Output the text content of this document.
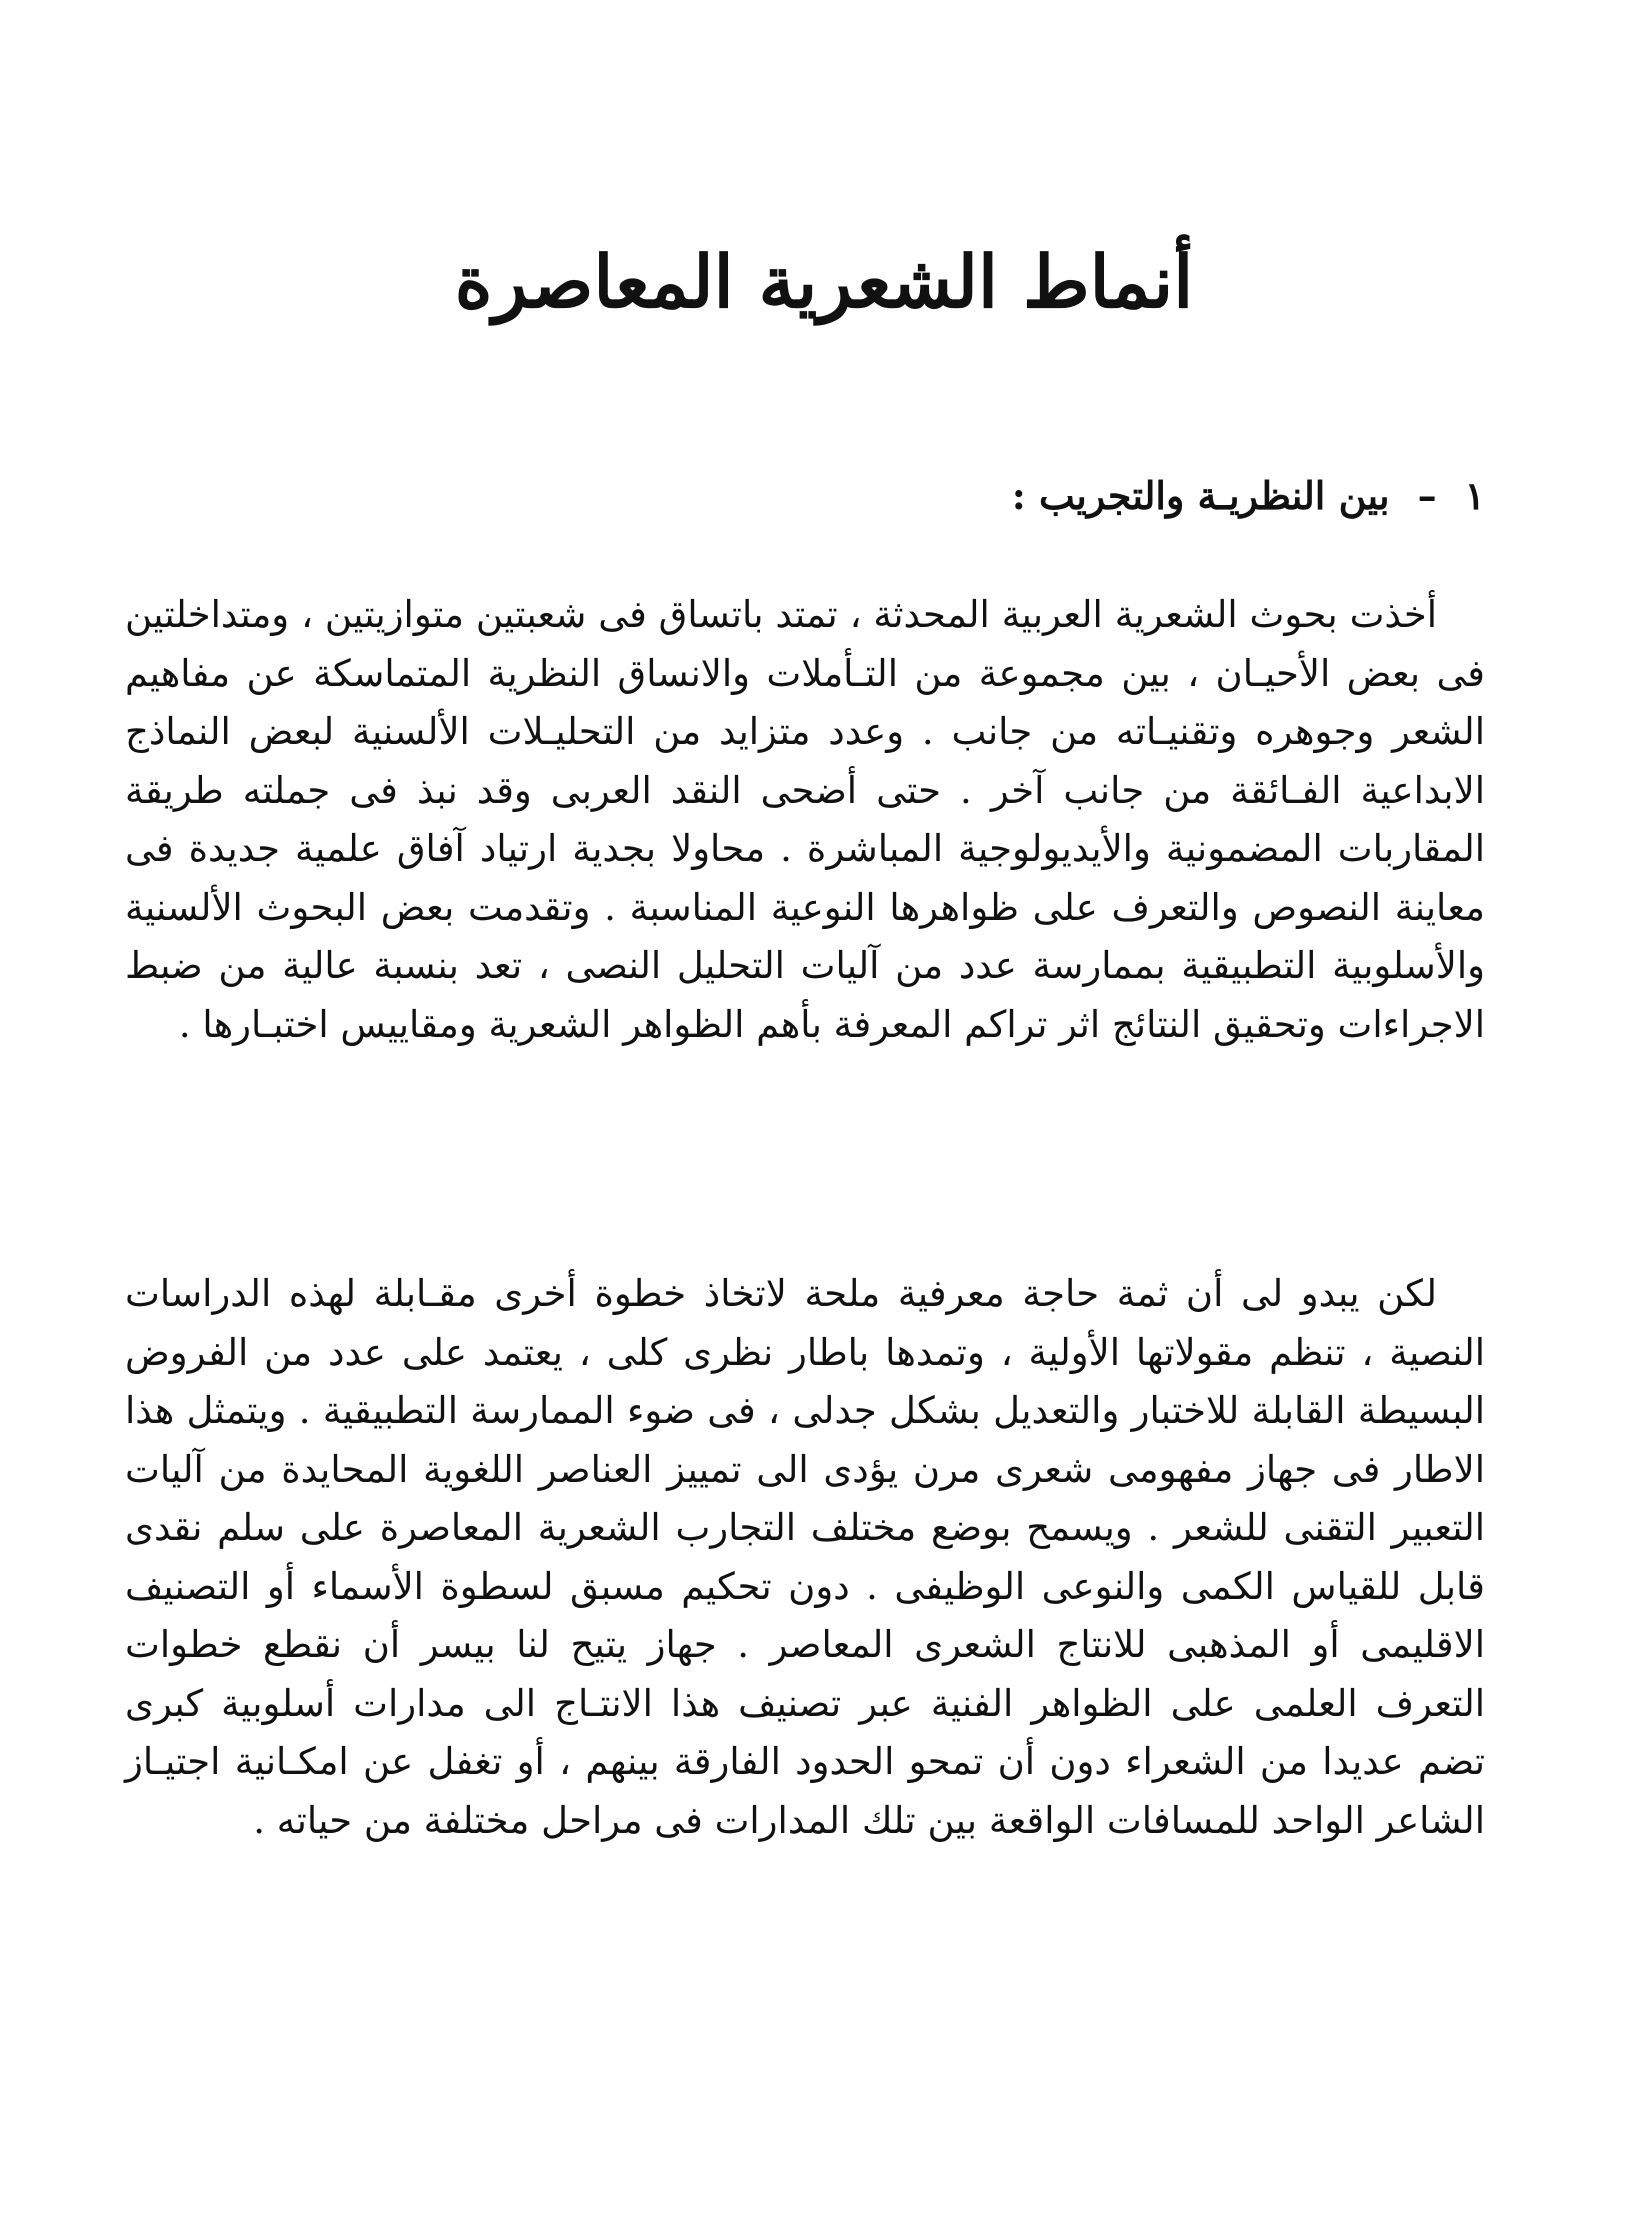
أنماط الشعرية المعاصرة
١–بين النظريـة والتجريب :

أخذت بحوث الشعرية العربية المحدثة ، تمتد باتساق فى شعبتين متوازيتين ، ومتداخلتين فى بعض الأحيـان ، بين مجموعة من التـأملات والانساق النظرية المتماسكة عن مفاهيم الشعر وجوهره وتقنيـاته من جانب . وعدد متزايد من التحليـلات الألسنية لبعض النماذج الابداعية الفـائقة من جانب آخر . حتى أضحى النقد العربى وقد نبذ فى جملته طريقة المقاربات المضمونية والأيديولوجية المباشرة . محاولا بجدية ارتياد آفاق علمية جديدة فى معاينة النصوص والتعرف على ظواهرها النوعية المناسبة . وتقدمت بعض البحوث الألسنية والأسلوبية التطبيقية بممارسة عدد من آليات التحليل النصى ، تعد بنسبة عالية من ضبط الاجراءات وتحقيق النتائج اثر تراكم المعرفة بأهم الظواهر الشعرية ومقاييس اختبـارها .

لكن يبدو لى أن ثمة حاجة معرفية ملحة لاتخاذ خطوة أخرى مقـابلة لهذه الدراسات النصية ، تنظم مقولاتها الأولية ، وتمدها باطار نظرى كلى ، يعتمد على عدد من الفروض البسيطة القابلة للاختبار والتعديل بشكل جدلى ، فى ضوء الممارسة التطبيقية . ويتمثل هذا الاطار فى جهاز مفهومى شعرى مرن يؤدى الى تمييز العناصر اللغوية المحايدة من آليات التعبير التقنى للشعر . ويسمح بوضع مختلف التجارب الشعرية المعاصرة على سلم نقدى قابل للقياس الكمى والنوعى الوظيفى . دون تحكيم مسبق لسطوة الأسماء أو التصنيف الاقليمى أو المذهبى للانتاج الشعرى المعاصر . جهاز يتيح لنا بيسر أن نقطع خطوات التعرف العلمى على الظواهر الفنية عبر تصنيف هذا الانتـاج الى مدارات أسلوبية كبرى تضم عديدا من الشعراء دون أن تمحو الحدود الفارقة بينهم ، أو تغفل عن امكـانية اجتيـاز الشاعر الواحد للمسافات الواقعة بين تلك المدارات فى مراحل مختلفة من حياته .
